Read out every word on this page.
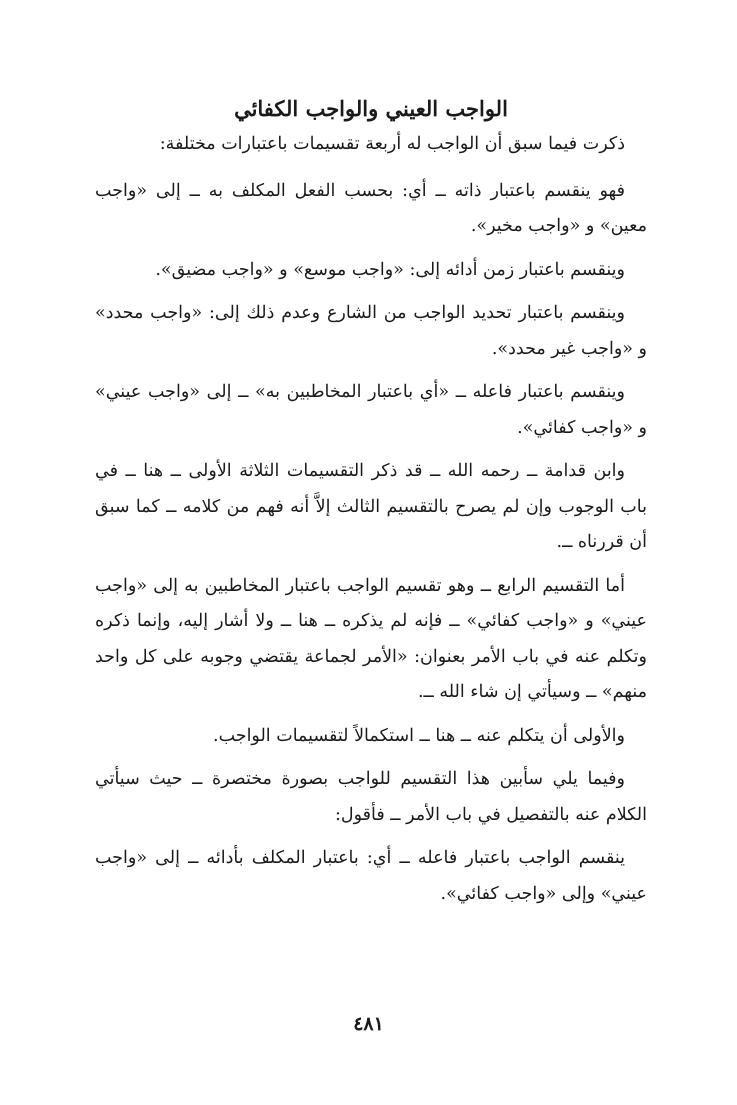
الواجب العيني والواجب الكفائي

ذكرت فيما سبق أن الواجب له أربعة تقسيمات باعتبارات مختلفة:

فهو ينقسم باعتبار ذاته ــ أي: بحسب الفعل المكلف به ــ إلى «واجب معين» و «واجب مخير».

وينقسم باعتبار زمن أدائه إلى: «واجب موسع» و «واجب مضيق».

وينقسم باعتبار تحديد الواجب من الشارع وعدم ذلك إلى: «واجب محدد» و «واجب غير محدد».

وينقسم باعتبار فاعله ــ «أي باعتبار المخاطبين به» ــ إلى «واجب عيني» و «واجب كفائي».

وابن قدامة ــ رحمه الله ــ قد ذكر التقسيمات الثلاثة الأولى ــ هنا ــ في باب الوجوب وإن لم يصرح بالتقسيم الثالث إلاَّ أنه فهم من كلامه ــ كما سبق أن قررناه ــ.

أما التقسيم الرابع ــ وهو تقسيم الواجب باعتبار المخاطبين به إلى «واجب عيني» و «واجب كفائي» ــ فإنه لم يذكره ــ هنا ــ ولا أشار إليه، وإنما ذكره وتكلم عنه في باب الأمر بعنوان: «الأمر لجماعة يقتضي وجوبه على كل واحد منهم» ــ وسيأتي إن شاء الله ــ.

والأولى أن يتكلم عنه ــ هنا ــ استكمالاً لتقسيمات الواجب.

وفيما يلي سأبين هذا التقسيم للواجب بصورة مختصرة ــ حيث سيأتي الكلام عنه بالتفصيل في باب الأمر ــ فأقول:

ينقسم الواجب باعتبار فاعله ــ أي: باعتبار المكلف بأدائه ــ إلى «واجب عيني» وإلى «واجب كفائي».

٤٨١
